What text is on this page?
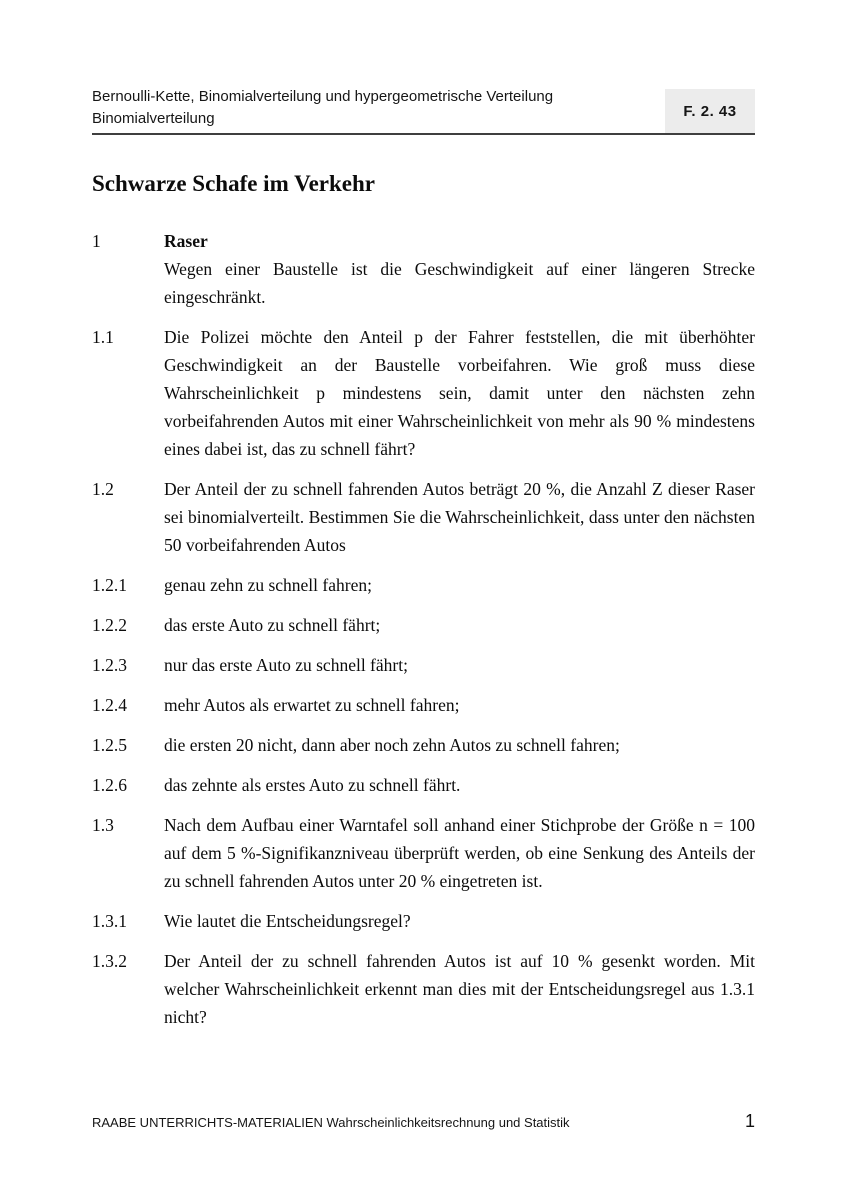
Bernoulli-Kette, Binomialverteilung und hypergeometrische Verteilung
Binomialverteilung	F. 2. 43
Schwarze Schafe im Verkehr
1	Raser
Wegen einer Baustelle ist die Geschwindigkeit auf einer längeren Strecke eingeschränkt.
1.1	Die Polizei möchte den Anteil p der Fahrer feststellen, die mit überhöhter Geschwindigkeit an der Baustelle vorbeifahren. Wie groß muss diese Wahrscheinlichkeit p mindestens sein, damit unter den nächsten zehn vorbeifahrenden Autos mit einer Wahrscheinlichkeit von mehr als 90 % mindestens eines dabei ist, das zu schnell fährt?
1.2	Der Anteil der zu schnell fahrenden Autos beträgt 20 %, die Anzahl Z dieser Raser sei binomialverteilt. Bestimmen Sie die Wahrscheinlichkeit, dass unter den nächsten 50 vorbeifahrenden Autos
1.2.1	genau zehn zu schnell fahren;
1.2.2	das erste Auto zu schnell fährt;
1.2.3	nur das erste Auto zu schnell fährt;
1.2.4	mehr Autos als erwartet zu schnell fahren;
1.2.5	die ersten 20 nicht, dann aber noch zehn Autos zu schnell fahren;
1.2.6	das zehnte als erstes Auto zu schnell fährt.
1.3	Nach dem Aufbau einer Warntafel soll anhand einer Stichprobe der Größe n = 100 auf dem 5 %-Signifikanzniveau überprüft werden, ob eine Senkung des Anteils der zu schnell fahrenden Autos unter 20 % eingetreten ist.
1.3.1	Wie lautet die Entscheidungsregel?
1.3.2	Der Anteil der zu schnell fahrenden Autos ist auf 10 % gesenkt worden. Mit welcher Wahrscheinlichkeit erkennt man dies mit der Entscheidungsregel aus 1.3.1 nicht?
RAABE UNTERRICHTS-MATERIALIEN Wahrscheinlichkeitsrechnung und Statistik	1
